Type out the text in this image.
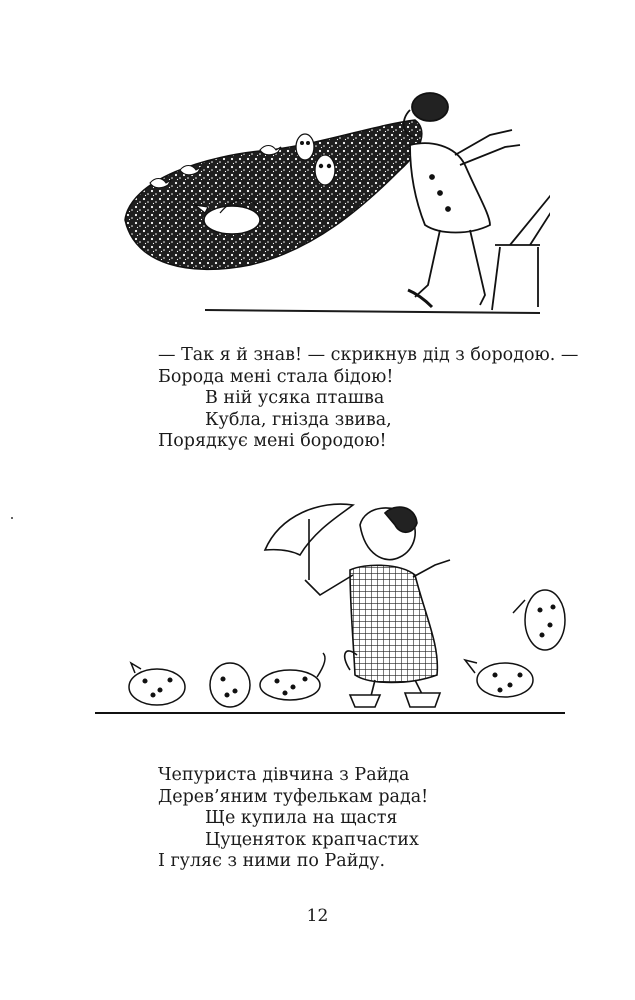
— Так я й знав! — скрикнув дід з бородою. —
Борода мені стала бідою!
В ній усяка пташва
Кубла, гнізда звива,
Порядкує мені бородою!
Чепуриста дівчина з Райда
Дерев’яним туфелькам рада!
Ще купила на щастя
Цуценяток крапчастих
І гуляє з ними по Райду.
12
